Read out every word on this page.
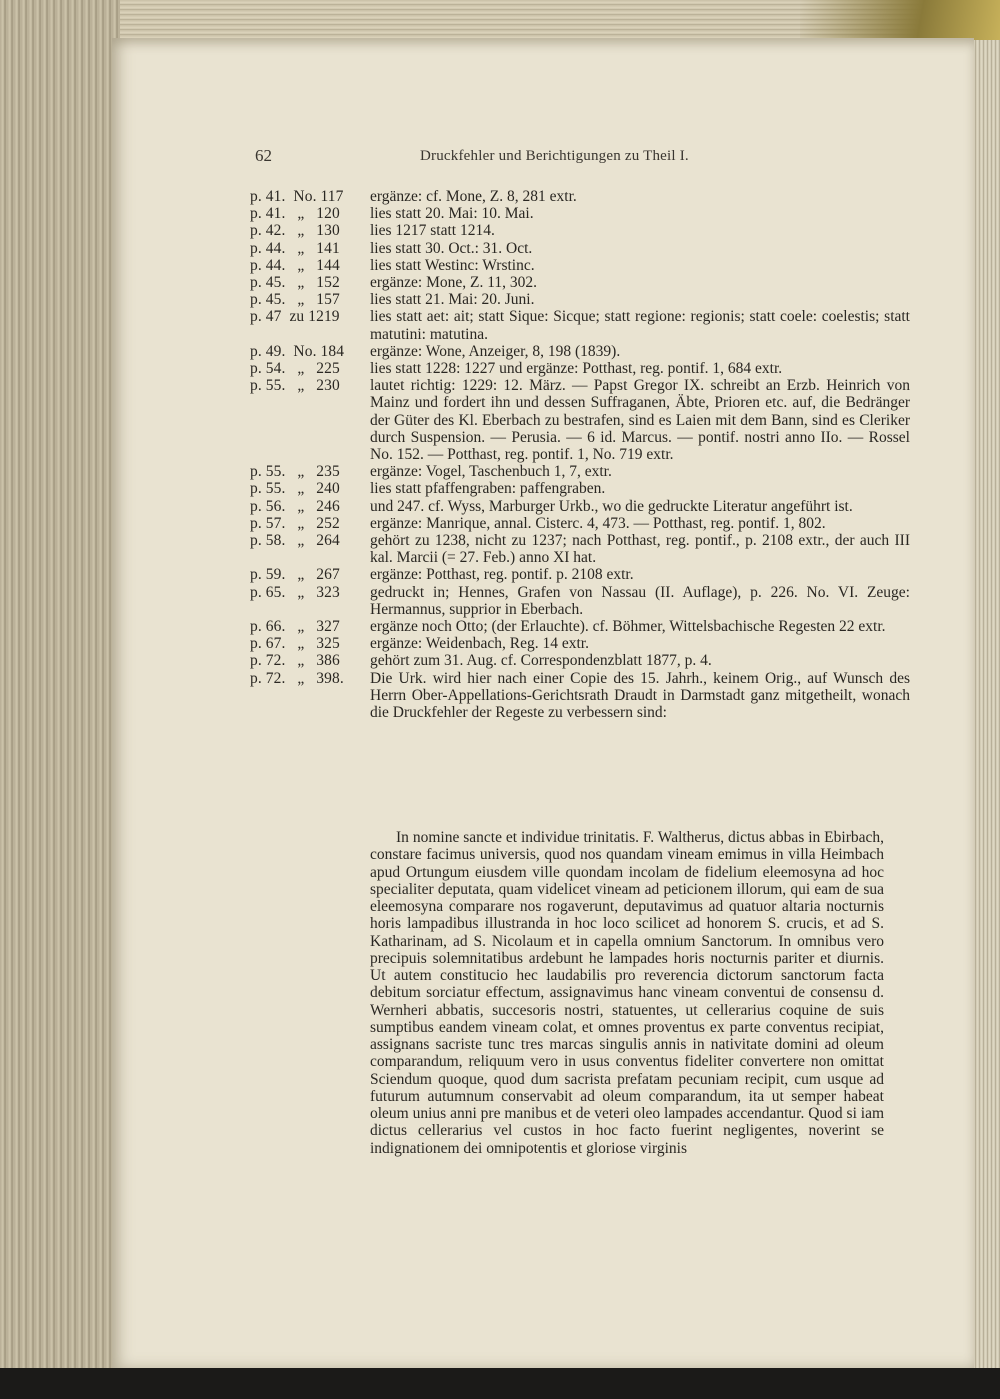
62	Druckfehler und Berichtigungen zu Theil I.
p. 41.  No. 117	ergänze: cf. Mone, Z. 8, 281 extr.
p. 41.   „   120	lies statt 20. Mai: 10. Mai.
p. 42.   „   130	lies 1217 statt 1214.
p. 44.   „   141	lies statt 30. Oct.: 31. Oct.
p. 44.   „   144	lies statt Westinc: Wrstinc.
p. 45.   „   152	ergänze: Mone, Z. 11, 302.
p. 45.   „   157	lies statt 21. Mai: 20. Juni.
p. 47  zu 1219	lies statt aet: ait; statt Sique: Sicque; statt regione: regionis; statt coele: coelestis; statt matutini: matutina.
p. 49.  No. 184	ergänze: Wone, Anzeiger, 8, 198 (1839).
p. 54.   „   225	lies statt 1228: 1227 und ergänze: Potthast, reg. pontif. 1, 684 extr.
p. 55.   „   230	lautet richtig: 1229: 12. März. — Papst Gregor IX. schreibt an Erzb. Heinrich von Mainz und fordert ihn und dessen Suffraganen, Äbte, Prioren etc. auf, die Bedränger der Güter des Kl. Eberbach zu bestrafen, sind es Laien mit dem Bann, sind es Cleriker durch Suspension. — Perusia. — 6 id. Marcus. — pontif. nostri anno IIo. — Rossel No. 152. — Potthast, reg. pontif. 1, No. 719 extr.
p. 55.   „   235	ergänze: Vogel, Taschenbuch 1, 7, extr.
p. 55.   „   240	lies statt pfaffengraben: paffengraben.
p. 56.   „   246	und 247. cf. Wyss, Marburger Urkb., wo die gedruckte Literatur angeführt ist.
p. 57.   „   252	ergänze: Manrique, annal. Cisterc. 4, 473. — Potthast, reg. pontif. 1, 802.
p. 58.   „   264	gehört zu 1238, nicht zu 1237; nach Potthast, reg. pontif., p. 2108 extr., der auch III kal. Marcii (= 27. Feb.) anno XI hat.
p. 59.   „   267	ergänze: Potthast, reg. pontif. p. 2108 extr.
p. 65.   „   323	gedruckt in; Hennes, Grafen von Nassau (II. Auflage), p. 226. No. VI. Zeuge: Hermannus, supprior in Eberbach.
p. 66.   „   327	ergänze noch Otto; (der Erlauchte). cf. Böhmer, Wittelsbachische Regesten 22 extr.
p. 67.   „   325	ergänze: Weidenbach, Reg. 14 extr.
p. 72.   „   386	gehört zum 31. Aug. cf. Correspondenzblatt 1877, p. 4.
p. 72.   „   398.	Die Urk. wird hier nach einer Copie des 15. Jahrh., keinem Orig., auf Wunsch des Herrn Ober-Appellations-Gerichtsrath Draudt in Darmstadt ganz mitgetheilt, wonach die Druckfehler der Regeste zu verbessern sind:

In nomine sancte et individue trinitatis. F. Waltherus, dictus abbas in Ebirbach, constare facimus universis, quod nos quandam vineam emimus in villa Heimbach apud Ortungum eiusdem ville quondam incolam de fidelium eleemosyna ad hoc specialiter deputata, quam videlicet vineam ad peticionem illorum, qui eam de sua eleemosyna comparare nos rogaverunt, deputavimus ad quatuor altaria nocturnis horis lampadibus illustranda in hoc loco scilicet ad honorem S. crucis, et ad S. Katharinam, ad S. Nicolaum et in capella omnium Sanctorum. In omnibus vero precipuis solemnitatibus ardebunt he lampades horis nocturnis pariter et diurnis. Ut autem constitucio hec laudabilis pro reverencia dictorum sanctorum facta debitum sorciatur effectum, assignavimus hanc vineam conventui de consensu d. Wernheri abbatis, succesoris nostri, statuentes, ut cellerarius coquine de suis sumptibus eandem vineam colat, et omnes proventus ex parte conventus recipiat, assignans sacriste tunc tres marcas singulis annis in nativitate domini ad oleum comparandum, reliquum vero in usus conventus fideliter convertere non omittat Sciendum quoque, quod dum sacrista prefatam pecuniam recipit, cum usque ad futurum autumnum conservabit ad oleum comparandum, ita ut semper habeat oleum unius anni pre manibus et de veteri oleo lampades accendantur. Quod si iam dictus cellerarius vel custos in hoc facto fuerint negligentes, noverint se indignationem dei omnipotentis et gloriose virginis
